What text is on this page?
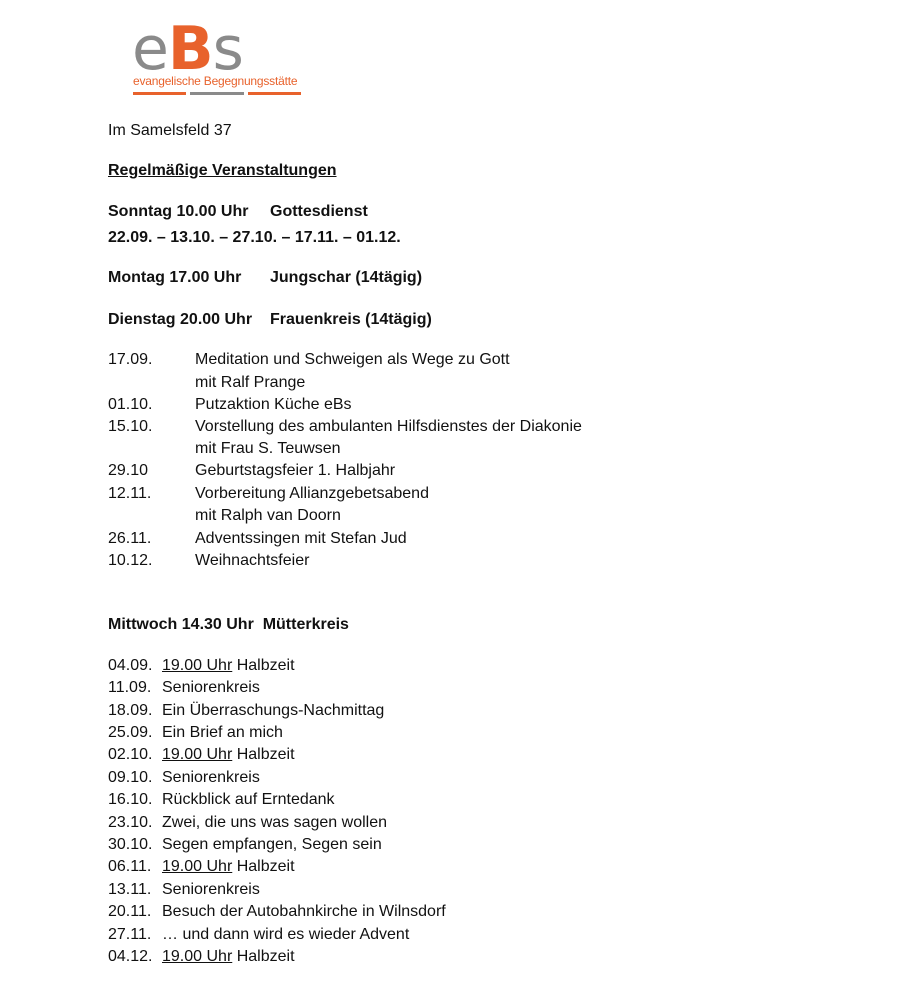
eBs
evangelische Begegnungsstätte
Im Samelsfeld 37
Regelmäßige Veranstaltungen
Sonntag 10.00 Uhr Gottesdienst
22.09. – 13.10. – 27.10. – 17.11. – 01.12.
Montag 17.00 Uhr Jungschar (14tägig)
Dienstag 20.00 Uhr Frauenkreis (14tägig)
17.09.	Meditation und Schweigen als Wege zu Gott
mit Ralf Prange
01.10.	Putzaktion Küche eBs
15.10.	Vorstellung des ambulanten Hilfsdienstes der Diakonie
mit Frau S. Teuwsen
29.10	Geburtstagsfeier 1. Halbjahr
12.11.	Vorbereitung Allianzgebetsabend
mit Ralph van Doorn
26.11.	Adventssingen mit Stefan Jud
10.12.	Weihnachtsfeier
Mittwoch 14.30 Uhr Mütterkreis
04.09. 19.00 Uhr Halbzeit
11.09. Seniorenkreis
18.09. Ein Überraschungs-Nachmittag
25.09. Ein Brief an mich
02.10. 19.00 Uhr Halbzeit
09.10. Seniorenkreis
16.10. Rückblick auf Erntedank
23.10. Zwei, die uns was sagen wollen
30.10. Segen empfangen, Segen sein
06.11. 19.00 Uhr Halbzeit
13.11. Seniorenkreis
20.11. Besuch der Autobahnkirche in Wilnsdorf
27.11. … und dann wird es wieder Advent
04.12. 19.00 Uhr Halbzeit
